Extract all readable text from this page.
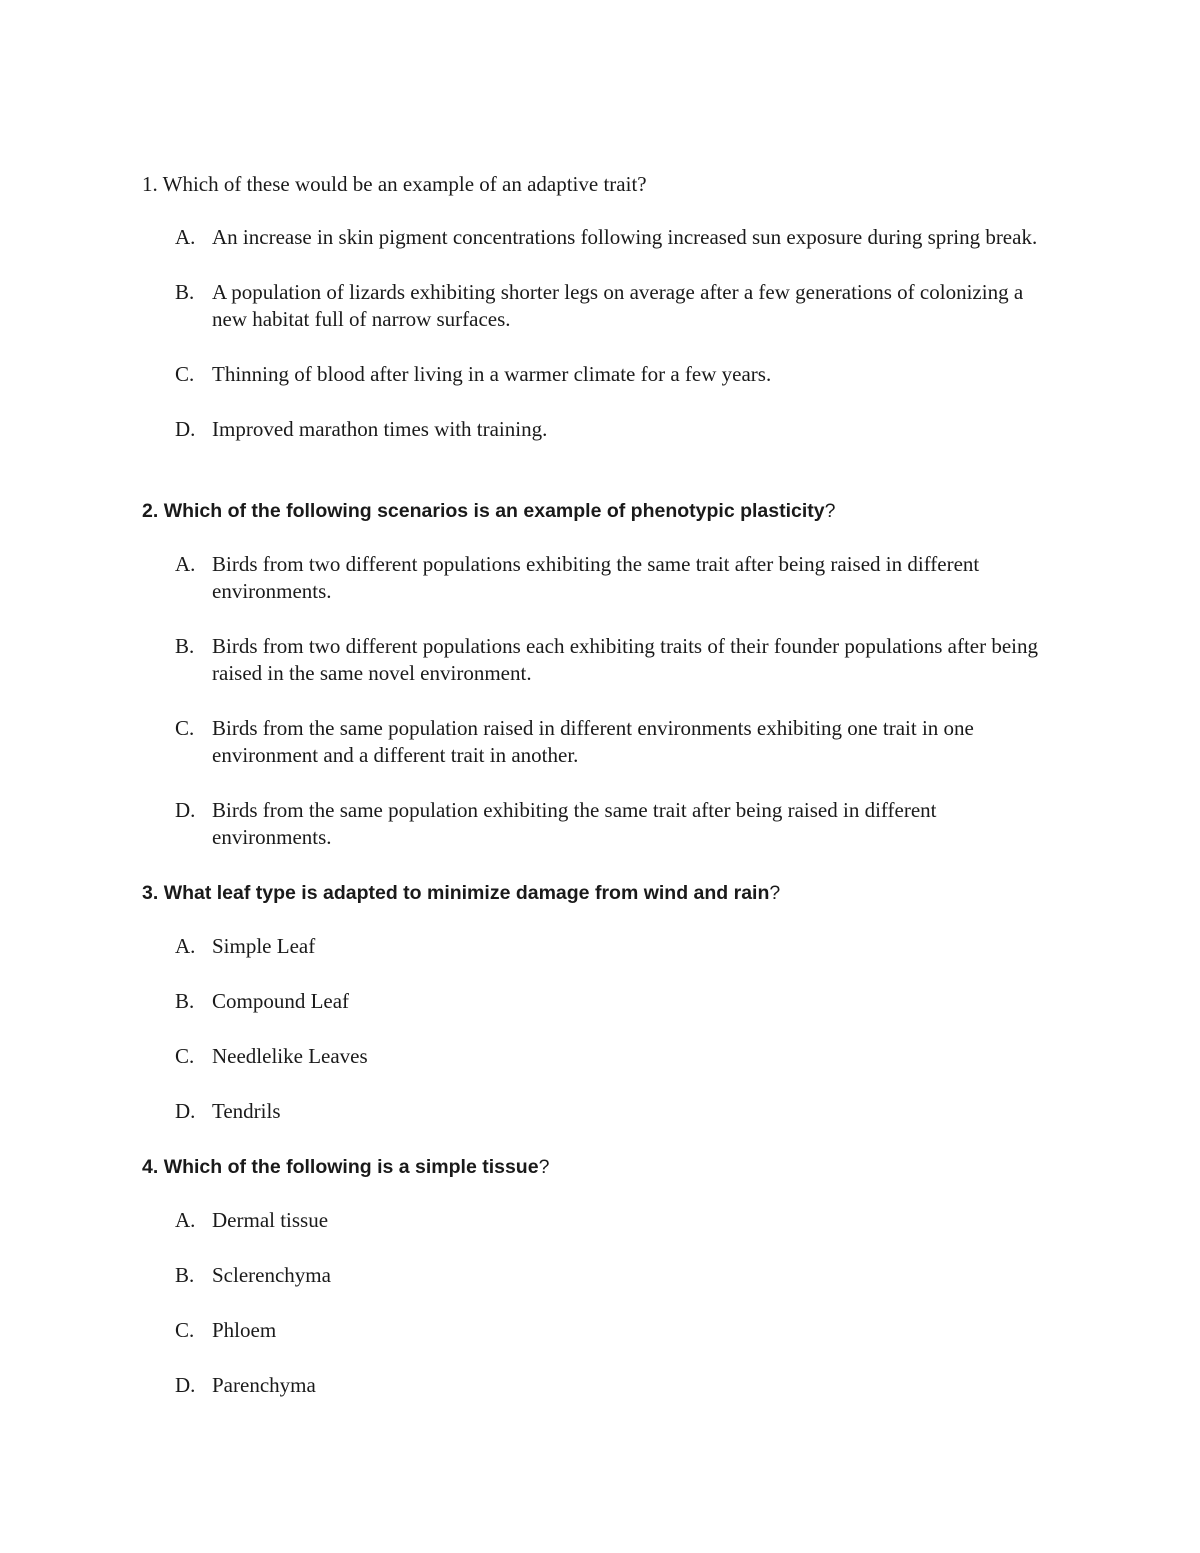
1. Which of these would be an example of an adaptive trait?

A. An increase in skin pigment concentrations following increased sun exposure during spring break.
B. A population of lizards exhibiting shorter legs on average after a few generations of colonizing a new habitat full of narrow surfaces.
C. Thinning of blood after living in a warmer climate for a few years.
D. Improved marathon times with training.

2. Which of the following scenarios is an example of phenotypic plasticity?

A. Birds from two different populations exhibiting the same trait after being raised in different environments.
B. Birds from two different populations each exhibiting traits of their founder populations after being raised in the same novel environment.
C. Birds from the same population raised in different environments exhibiting one trait in one environment and a different trait in another.
D. Birds from the same population exhibiting the same trait after being raised in different environments.

3. What leaf type is adapted to minimize damage from wind and rain?

A. Simple Leaf
B. Compound Leaf
C. Needlelike Leaves
D. Tendrils

4. Which of the following is a simple tissue?

A. Dermal tissue
B. Sclerenchyma
C. Phloem
D. Parenchyma
